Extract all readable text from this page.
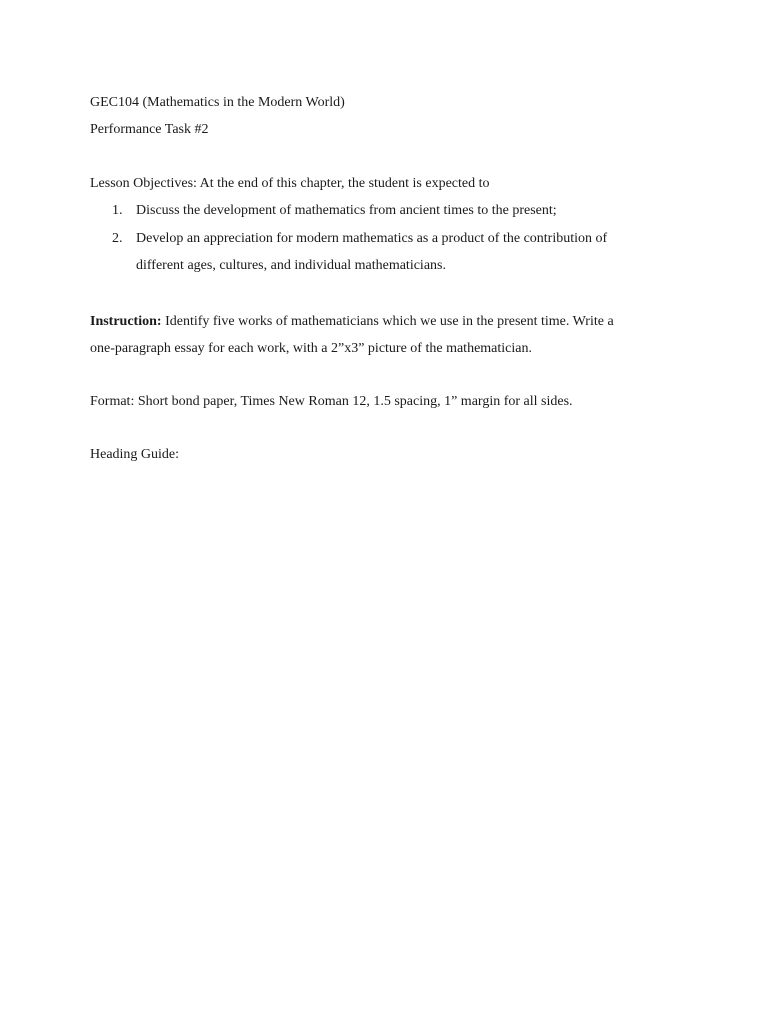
GEC104 (Mathematics in the Modern World)
Performance Task #2
Lesson Objectives: At the end of this chapter, the student is expected to
1. Discuss the development of mathematics from ancient times to the present;
2. Develop an appreciation for modern mathematics as a product of the contribution of
different ages, cultures, and individual mathematicians.
Instruction: Identify five works of mathematicians which we use in the present time. Write a
one-paragraph essay for each work, with a 2”x3” picture of the mathematician.
Format: Short bond paper, Times New Roman 12, 1.5 spacing, 1” margin for all sides.
Heading Guide:
